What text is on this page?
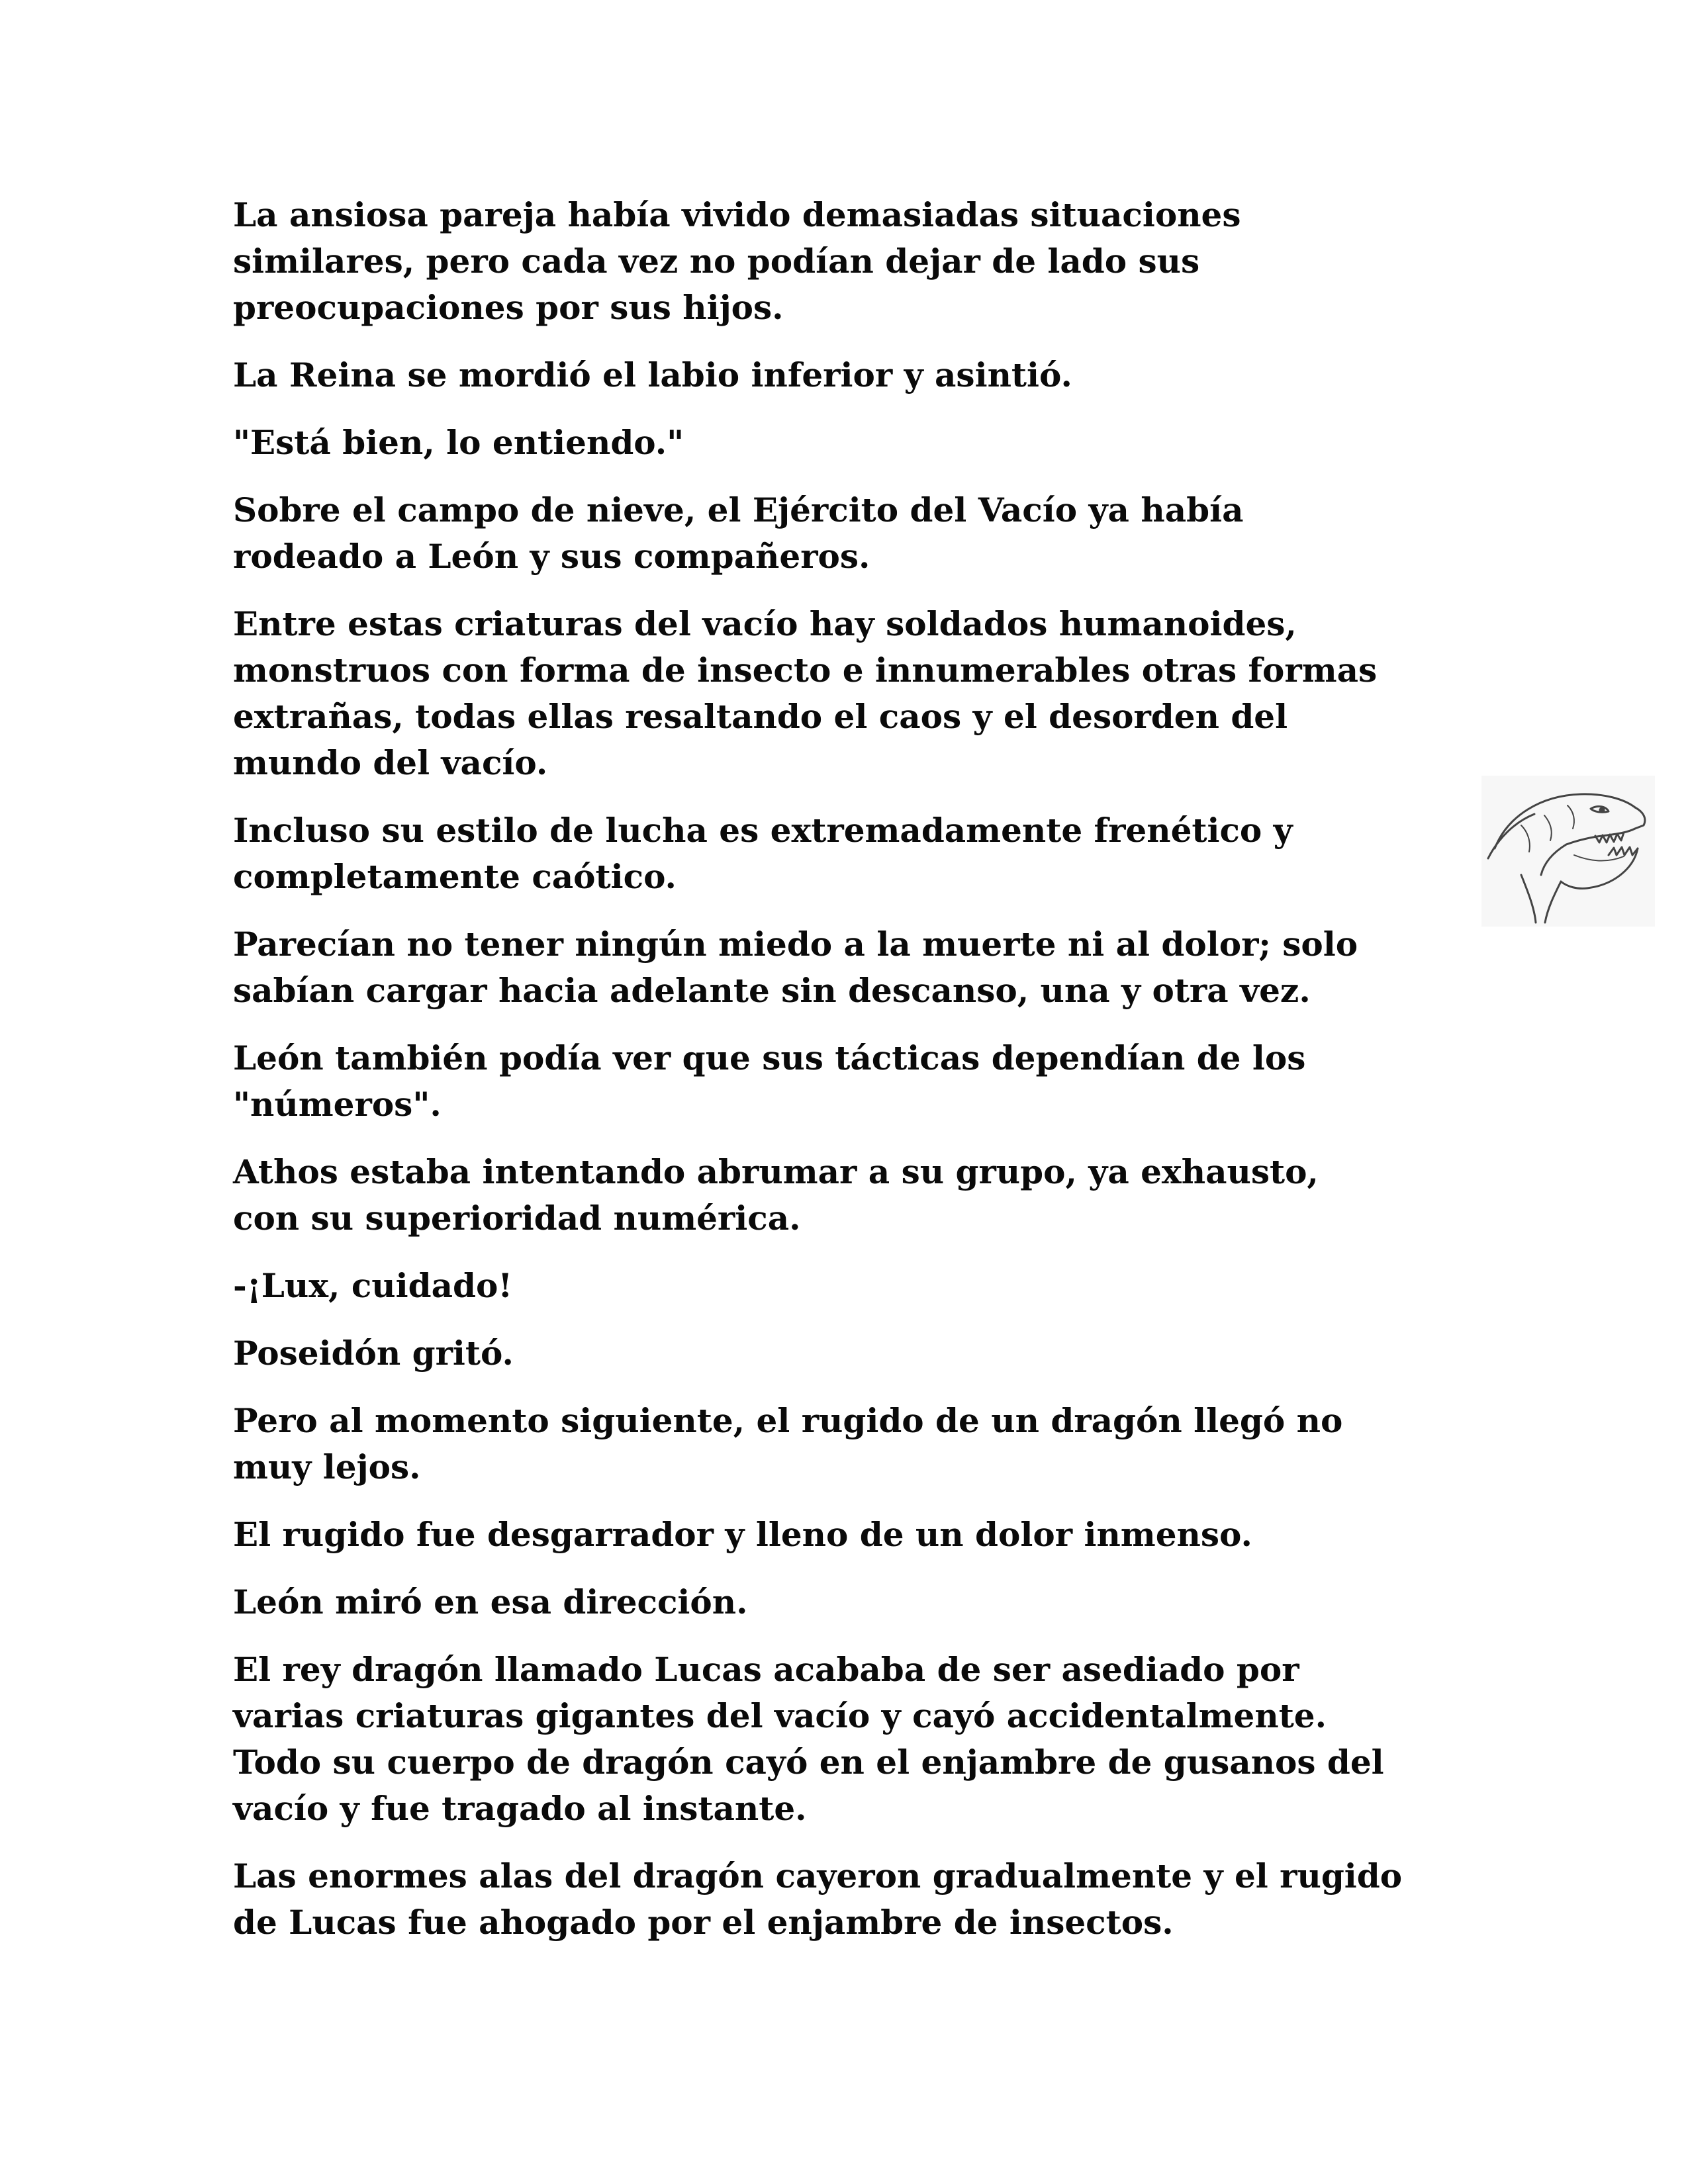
La ansiosa pareja había vivido demasiadas situaciones
similares, pero cada vez no podían dejar de lado sus
preocupaciones por sus hijos.

La Reina se mordió el labio inferior y asintió.

"Está bien, lo entiendo."

Sobre el campo de nieve, el Ejército del Vacío ya había
rodeado a León y sus compañeros.

Entre estas criaturas del vacío hay soldados humanoides,
monstruos con forma de insecto e innumerables otras formas
extrañas, todas ellas resaltando el caos y el desorden del
mundo del vacío.

Incluso su estilo de lucha es extremadamente frenético y
completamente caótico.

Parecían no tener ningún miedo a la muerte ni al dolor; solo
sabían cargar hacia adelante sin descanso, una y otra vez.

León también podía ver que sus tácticas dependían de los
"números".

Athos estaba intentando abrumar a su grupo, ya exhausto,
con su superioridad numérica.

-¡Lux, cuidado!

Poseidón gritó.

Pero al momento siguiente, el rugido de un dragón llegó no
muy lejos.

El rugido fue desgarrador y lleno de un dolor inmenso.

León miró en esa dirección.

El rey dragón llamado Lucas acababa de ser asediado por
varias criaturas gigantes del vacío y cayó accidentalmente.
Todo su cuerpo de dragón cayó en el enjambre de gusanos del
vacío y fue tragado al instante.

Las enormes alas del dragón cayeron gradualmente y el rugido
de Lucas fue ahogado por el enjambre de insectos.
